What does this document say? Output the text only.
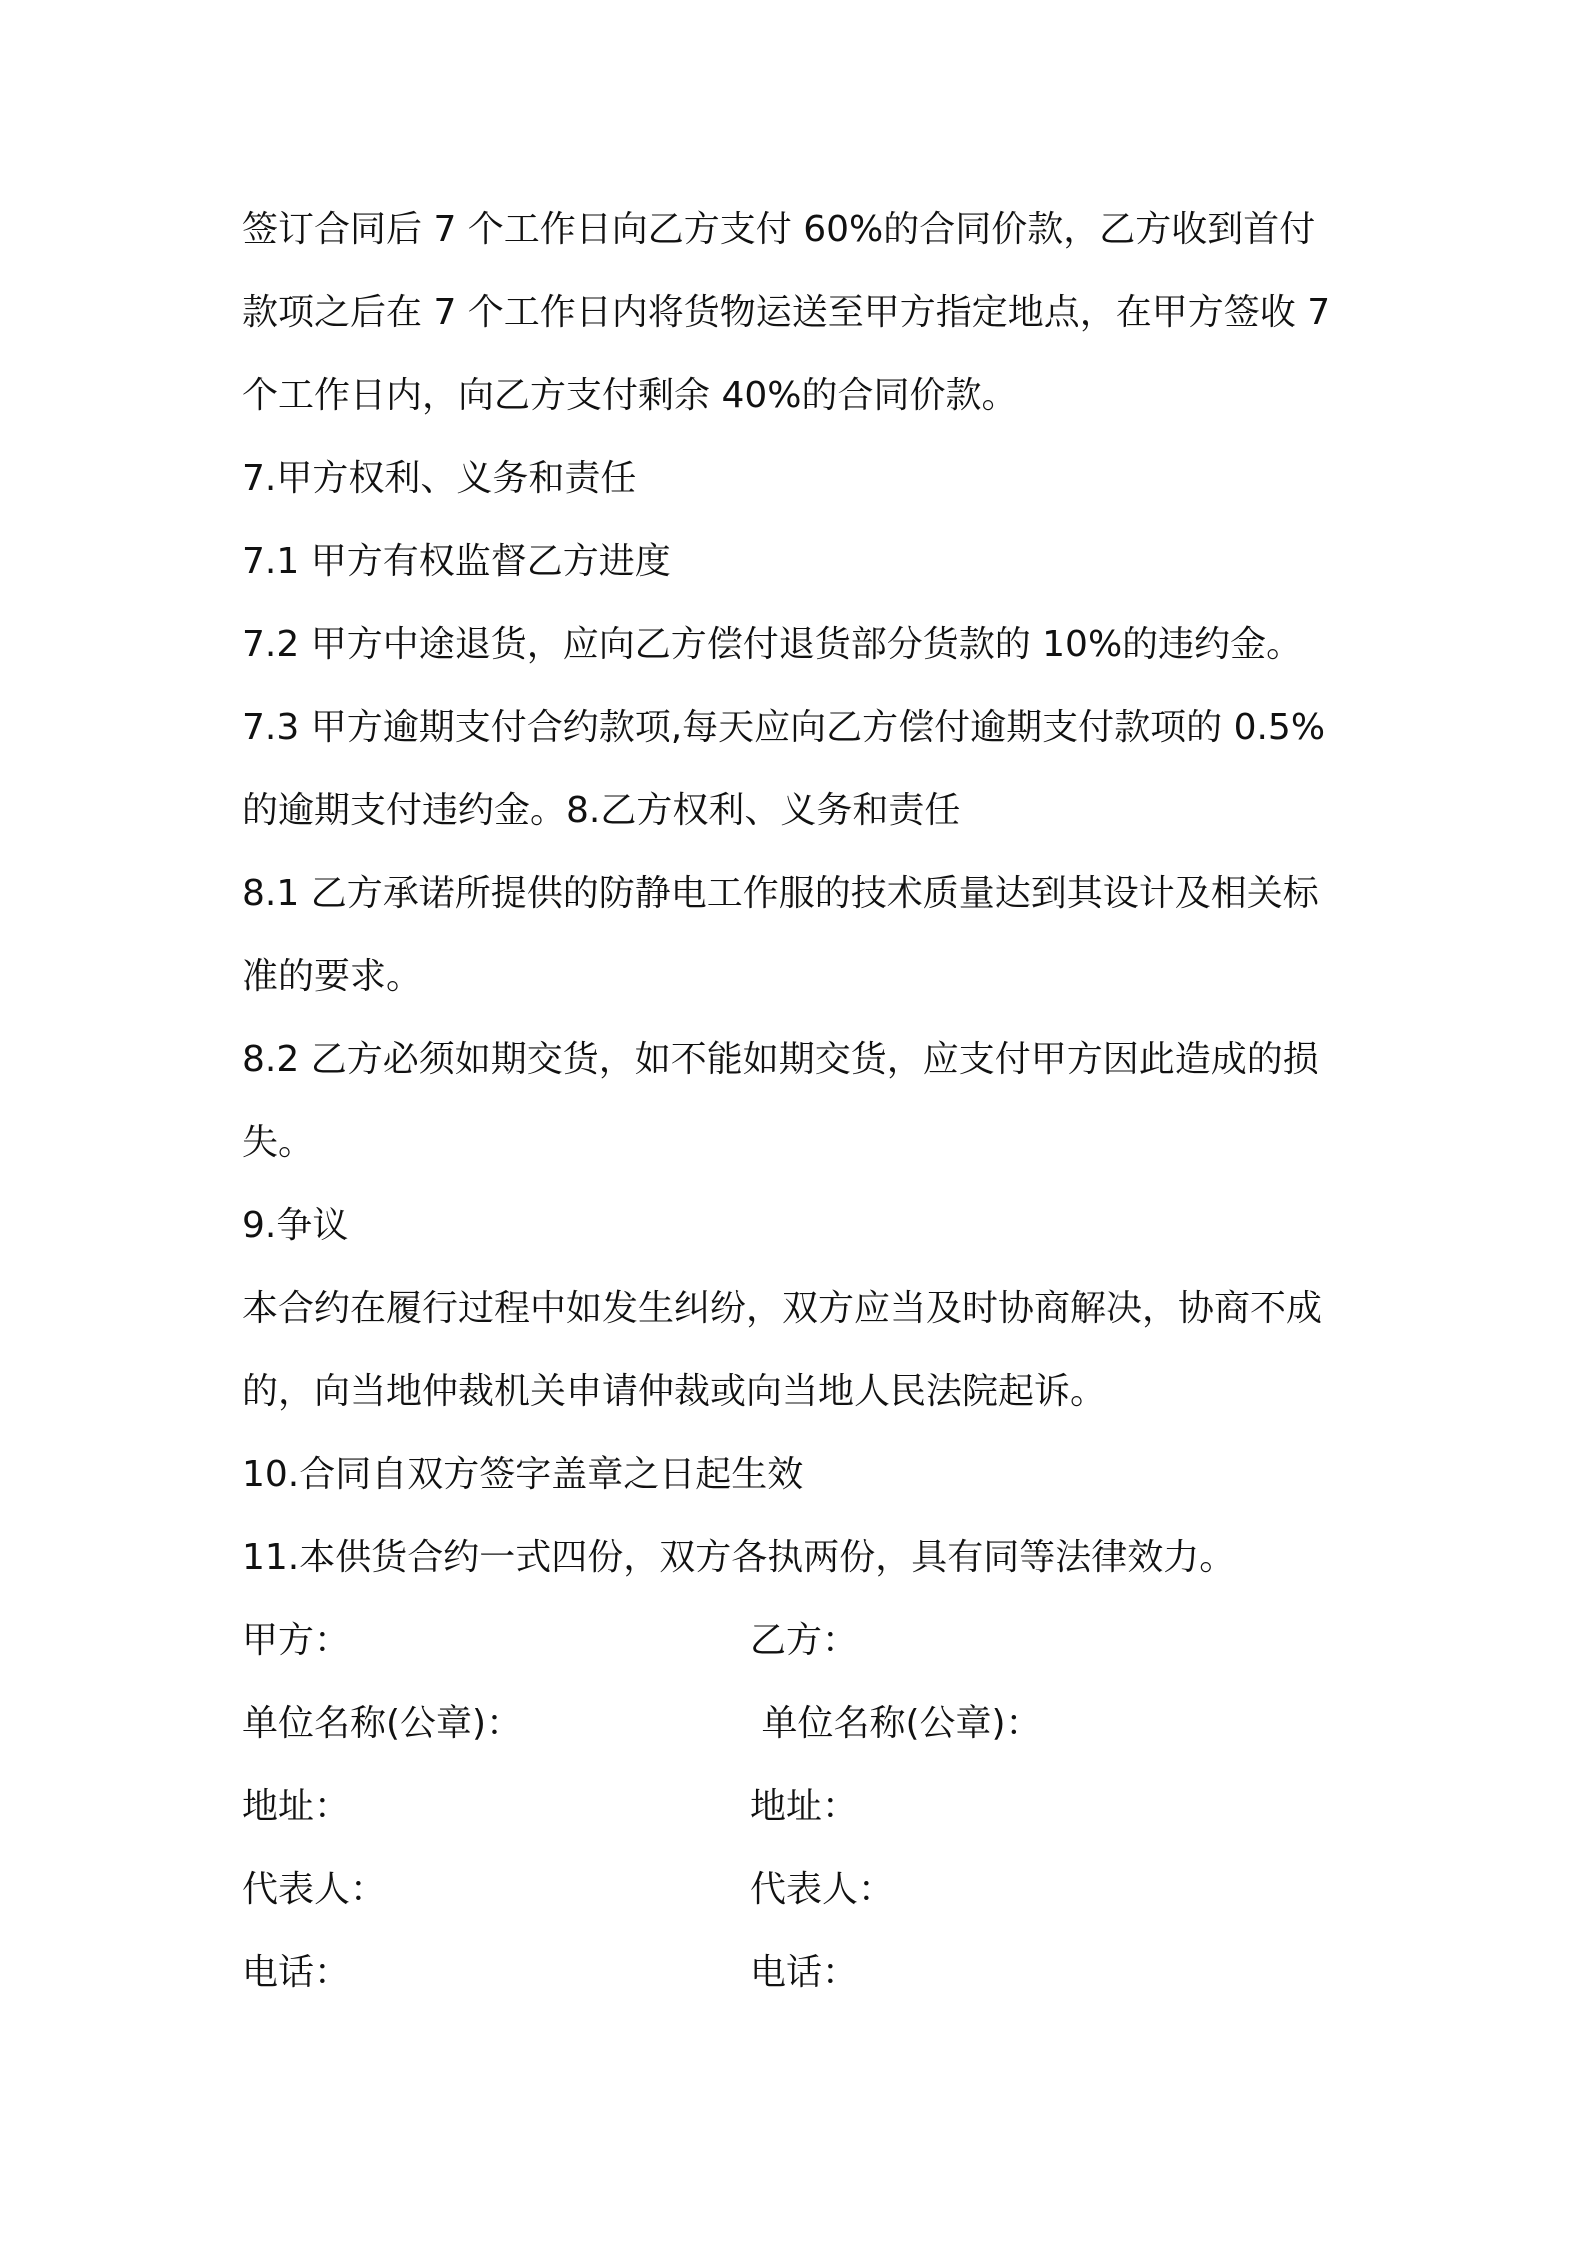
签订合同后 7 个工作日向乙方支付 60%的合同价款，乙方收到首付
款项之后在 7 个工作日内将货物运送至甲方指定地点，在甲方签收 7
个工作日内，向乙方支付剩余 40%的合同价款。
7.甲方权利、义务和责任
7.1 甲方有权监督乙方进度
7.2 甲方中途退货，应向乙方偿付退货部分货款的 10%的违约金。
7.3 甲方逾期支付合约款项,每天应向乙方偿付逾期支付款项的 0.5%
的逾期支付违约金。8.乙方权利、义务和责任
8.1 乙方承诺所提供的防静电工作服的技术质量达到其设计及相关标
准的要求。
8.2 乙方必须如期交货，如不能如期交货，应支付甲方因此造成的损
失。
9.争议
本合约在履行过程中如发生纠纷，双方应当及时协商解决，协商不成
的，向当地仲裁机关申请仲裁或向当地人民法院起诉。
10.合同自双方签字盖章之日起生效
11.本供货合约一式四份，双方各执两份，具有同等法律效力。
甲方：	乙方：
单位名称(公章)：	单位名称(公章)：
地址：	地址：
代表人：	代表人：
电话：	电话：
